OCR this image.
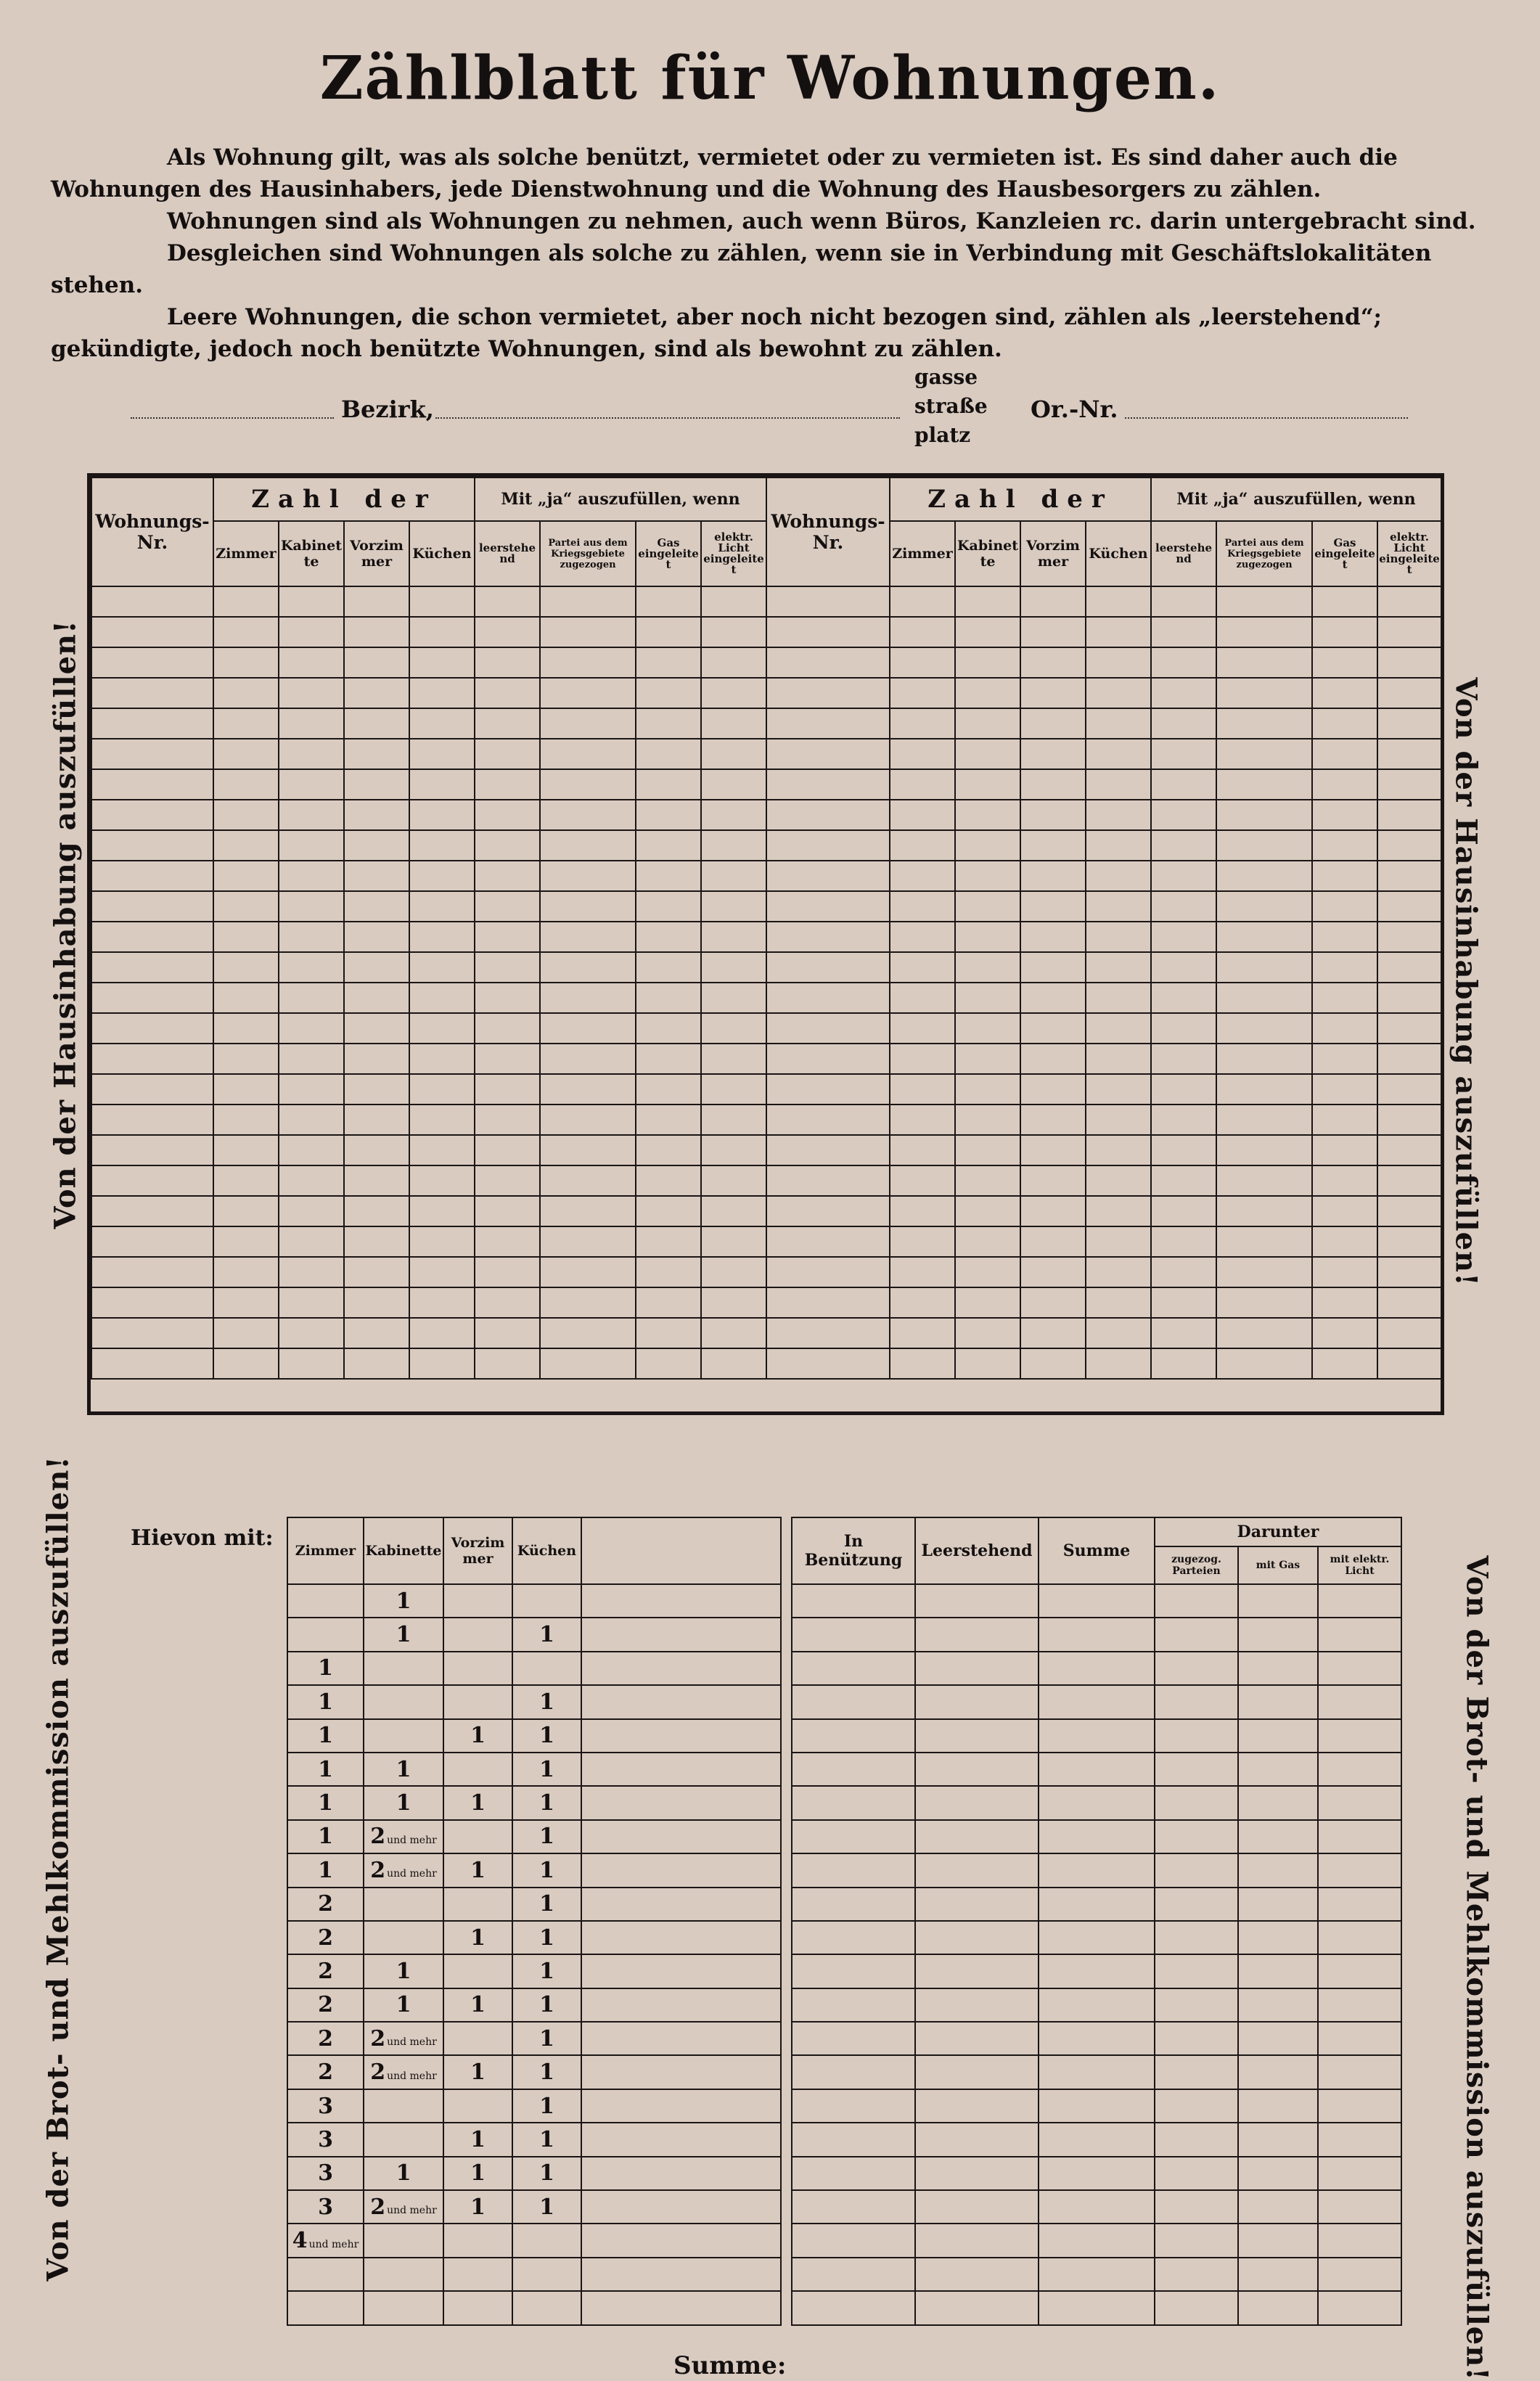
Zählblatt für Wohnungen.

Als Wohnung gilt, was als solche benützt, vermietet oder zu vermieten ist. Es sind daher auch die Wohnungen des Hausinhabers, jede Dienstwohnung und die Wohnung des Hausbesorgers zu zählen.

Wohnungen sind als Wohnungen zu nehmen, auch wenn Büros, Kanzleien rc. darin untergebracht sind.

Desgleichen sind Wohnungen als solche zu zählen, wenn sie in Verbindung mit Geschäftslokalitäten stehen.

Leere Wohnungen, die schon vermietet, aber noch nicht bezogen sind, zählen als „leerstehend“; gekündigte, jedoch noch benützte Wohnungen, sind als bewohnt zu zählen.

Bezirk,
gasse
straße
platz
Or.-Nr.
Wohnungs-Nr.	Zahl der				Mit „ja“ auszufüllen, wenn				Wohnungs-Nr.	Zahl der				Mit „ja“ auszufüllen, wenn			
	Zimmer	Kabinette	Vorzimmer	Küchen	leerstehend	Partei aus dem Kriegsgebiete zugezogen	Gas eingeleitet	elektr. Licht eingeleitet		Zimmer	Kabinette	Vorzimmer	Küchen	leerstehend	Partei aus dem Kriegsgebiete zugezogen	Gas eingeleitet	elektr. Licht eingeleitet

Von der Hausinhabung auszufüllen!	Von der Hausinhabung auszufüllen!
Hievon mit: Zimmer	Kabinette	Vorzimmer	Küchen	
	1			
	1		1	
1				
1			1	
1		1	1	
1	1		1	
1	1	1	1	
1	2 und mehr		1	
1	2 und mehr	1	1	
2			1	
2		1	1	
2	1		1	
2	1	1	1	
2	2 und mehr		1	
2	2 und mehr	1	1	
3			1	
3		1	1	
3	1	1	1	
3	2 und mehr	1	1	
4 und mehr				

In Benützung	Leerstehend	Summe	Darunter		
			zugezog. Parteien	mit Gas	mit elektr. Licht

Summe:
Von der Brot- und Mehlkommission auszufüllen!	Von der Brot- und Mehlkommission auszufüllen!
